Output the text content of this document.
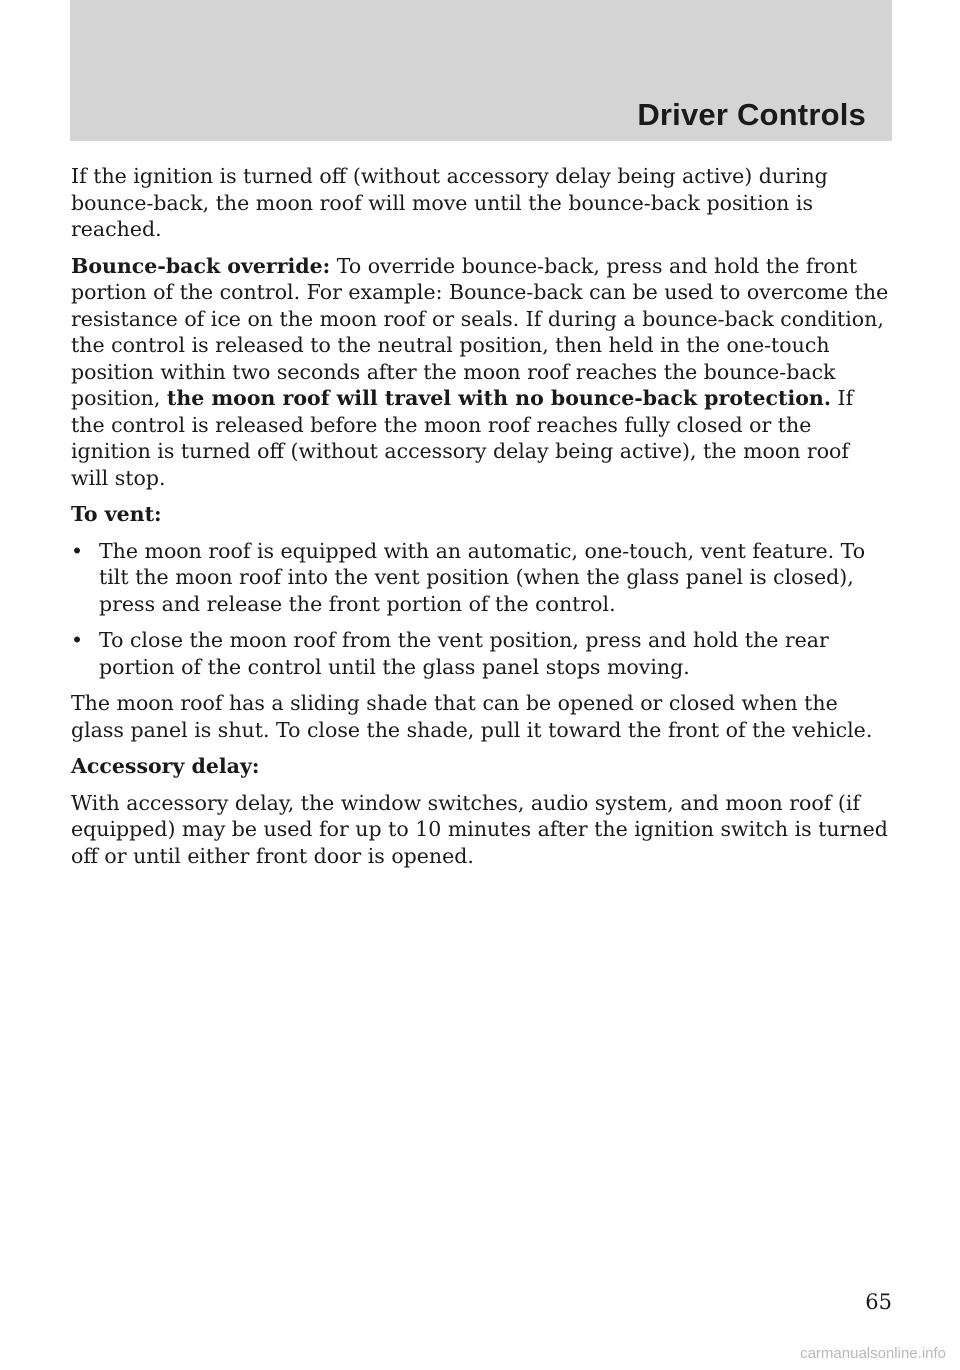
Driver Controls

If the ignition is turned off (without accessory delay being active) during bounce-back, the moon roof will move until the bounce-back position is reached.

Bounce-back override: To override bounce-back, press and hold the front portion of the control. For example: Bounce-back can be used to overcome the resistance of ice on the moon roof or seals. If during a bounce-back condition, the control is released to the neutral position, then held in the one-touch position within two seconds after the moon roof reaches the bounce-back position, the moon roof will travel with no bounce-back protection. If the control is released before the moon roof reaches fully closed or the ignition is turned off (without accessory delay being active), the moon roof will stop.

To vent:

• The moon roof is equipped with an automatic, one-touch, vent feature. To tilt the moon roof into the vent position (when the glass panel is closed), press and release the front portion of the control.
• To close the moon roof from the vent position, press and hold the rear portion of the control until the glass panel stops moving.

The moon roof has a sliding shade that can be opened or closed when the glass panel is shut. To close the shade, pull it toward the front of the vehicle.

Accessory delay:

With accessory delay, the window switches, audio system, and moon roof (if equipped) may be used for up to 10 minutes after the ignition switch is turned off or until either front door is opened.

65
carmanualsonline.info
